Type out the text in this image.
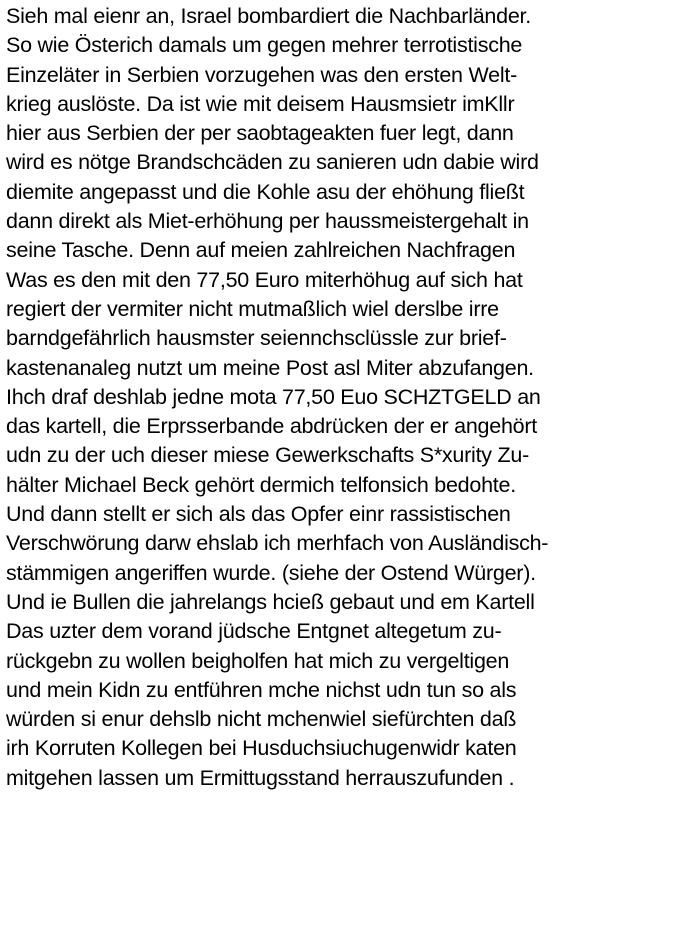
Sieh mal eienr an, Israel bombardiert die Nachbarländer.
So wie Österich damals um gegen mehrer terrotistische
Einzeläter in Serbien vorzugehen was den ersten Welt-
krieg auslöste. Da ist wie mit deisem Hausmsietr imKllr
hier aus Serbien der per saobtageakten fuer legt, dann
wird es nötge Brandschcäden zu sanieren udn dabie wird
diemite angepasst und die Kohle asu der ehöhung fließt
dann direkt als Miet-erhöhung per haussmeistergehalt in
seine Tasche. Denn auf meien zahlreichen Nachfragen
Was es den mit den 77,50 Euro miterhöhug auf sich hat
regiert der vermiter nicht mutmaßlich wiel derslbe irre
barndgefährlich hausmster seiennchsclüssle zur brief-
kastenanaleg nutzt um meine Post asl Miter abzufangen.
Ihch draf deshlab jedne mota 77,50 Euo SCHZTGELD an
das kartell, die Erprsserbande abdrücken der er angehört
udn zu der uch dieser miese Gewerkschafts S*xurity Zu-
hälter Michael Beck gehört dermich telfonsich bedohte.
Und dann stellt er sich als das Opfer einr rassistischen
Verschwörung darw ehslab ich merhfach von Ausländisch-
stämmigen angeriffen wurde. (siehe der Ostend Würger).
Und ie Bullen die jahrelangs hcieß gebaut und em Kartell
Das uzter dem vorand jüdsche Entgnet altegetum zu-
rückgebn zu wollen beigholfen hat mich zu vergeltigen
und mein Kidn zu entführen mche nichst udn tun so als
würden si enur dehslb nicht mchenwiel siefürchten daß
irh Korruten Kollegen bei Husduchsiuchugenwidr katen
mitgehen lassen um Ermittugsstand herrauszufunden .
